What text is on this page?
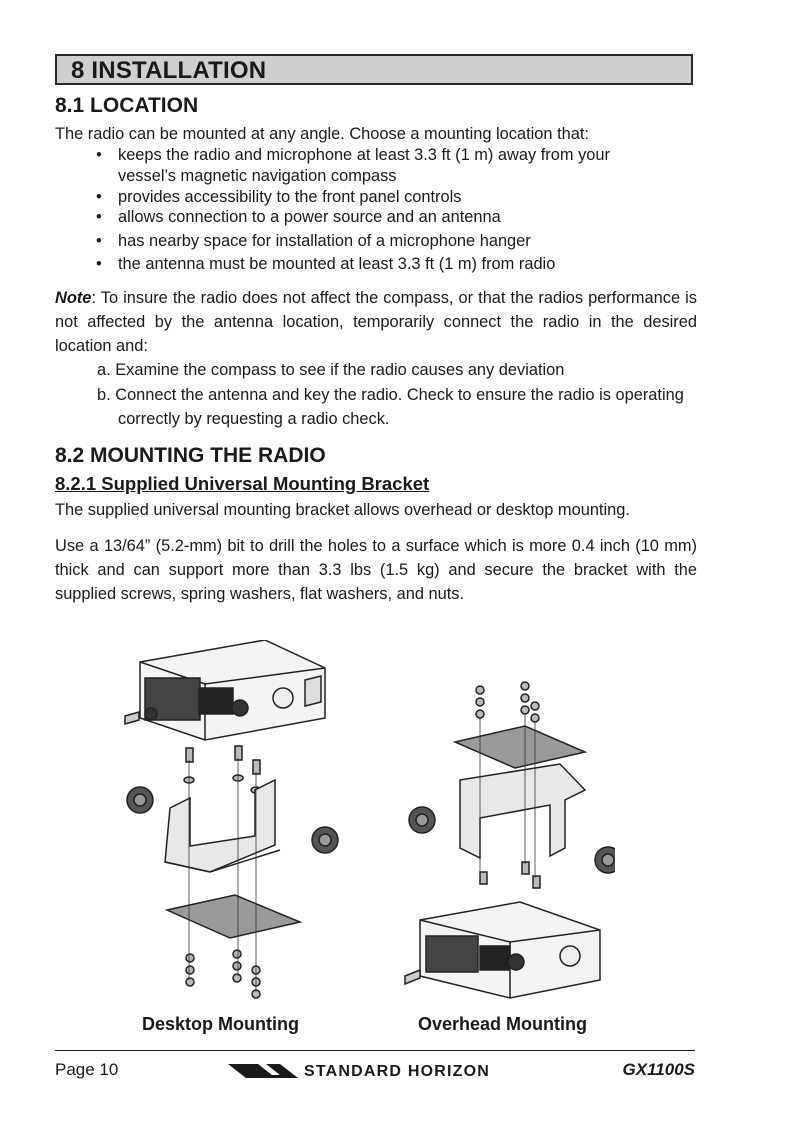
8 INSTALLATION
8.1 LOCATION
The radio can be mounted at any angle. Choose a mounting location that:
• keeps the radio and microphone at least 3.3 ft (1 m) away from your
vessel’s magnetic navigation compass
• provides accessibility to the front panel controls
• allows connection to a power source and an antenna
• has nearby space for installation of a microphone hanger
• the antenna must be mounted at least 3.3 ft (1 m) from radio
Note: To insure the radio does not affect the compass, or that the radios performance is not affected by the antenna location, temporarily connect the radio in the desired location and:
a. Examine the compass to see if the radio causes any deviation
b. Connect the antenna and key the radio. Check to ensure the radio is operating correctly by requesting a radio check.
8.2 MOUNTING THE RADIO
8.2.1 Supplied Universal Mounting Bracket
The supplied universal mounting bracket allows overhead or desktop mounting.
Use a 13/64” (5.2-mm) bit to drill the holes to a surface which is more 0.4 inch (10 mm) thick and can support more than 3.3 lbs (1.5 kg) and secure the bracket with the supplied screws, spring washers, flat washers, and nuts.
Desktop Mounting	Overhead Mounting
Page 10	STANDARD HORIZON	GX1100S
